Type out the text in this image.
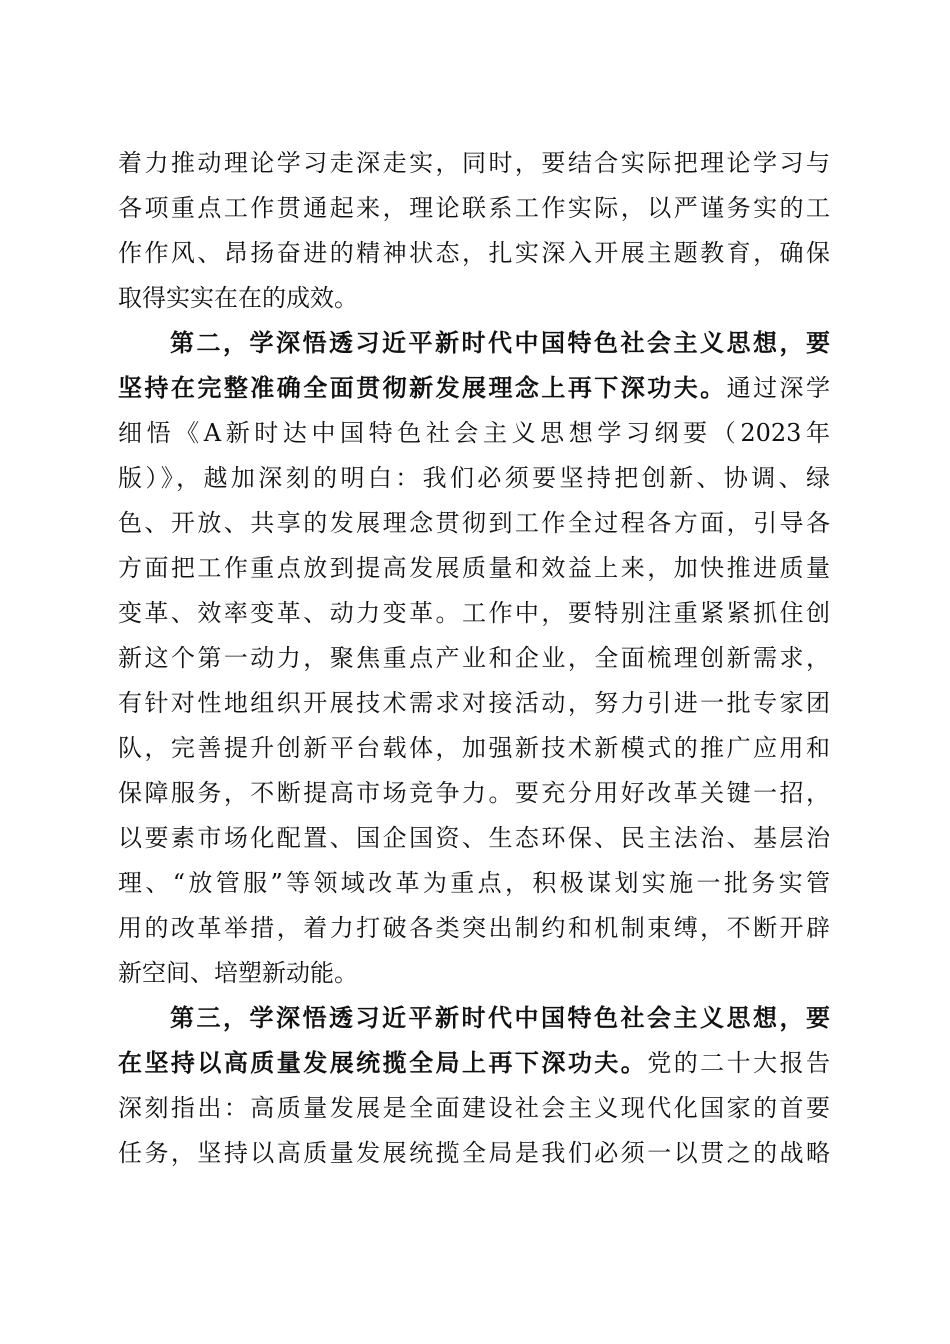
着力推动理论学习走深走实，同时，要结合实际把理论学习与
各项重点工作贯通起来，理论联系工作实际，以严谨务实的工
作作风、昂扬奋进的精神状态，扎实深入开展主题教育，确保
取得实实在在的成效。
第二，学深悟透习近平新时代中国特色社会主义思想，要
坚持在完整准确全面贯彻新发展理念上再下深功夫。通过深学
细悟《A新时达中国特色社会主义思想学习纲要（2023年
版）》，越加深刻的明白：我们必须要坚持把创新、协调、绿
色、开放、共享的发展理念贯彻到工作全过程各方面，引导各
方面把工作重点放到提高发展质量和效益上来，加快推进质量
变革、效率变革、动力变革。工作中，要特别注重紧紧抓住创
新这个第一动力，聚焦重点产业和企业，全面梳理创新需求，
有针对性地组织开展技术需求对接活动，努力引进一批专家团
队，完善提升创新平台载体，加强新技术新模式的推广应用和
保障服务，不断提高市场竞争力。要充分用好改革关键一招，
以要素市场化配置、国企国资、生态环保、民主法治、基层治
理、“放管服”等领域改革为重点，积极谋划实施一批务实管
用的改革举措，着力打破各类突出制约和机制束缚，不断开辟
新空间、培塑新动能。
第三，学深悟透习近平新时代中国特色社会主义思想，要
在坚持以高质量发展统揽全局上再下深功夫。党的二十大报告
深刻指出：高质量发展是全面建设社会主义现代化国家的首要
任务，坚持以高质量发展统揽全局是我们必须一以贯之的战略
